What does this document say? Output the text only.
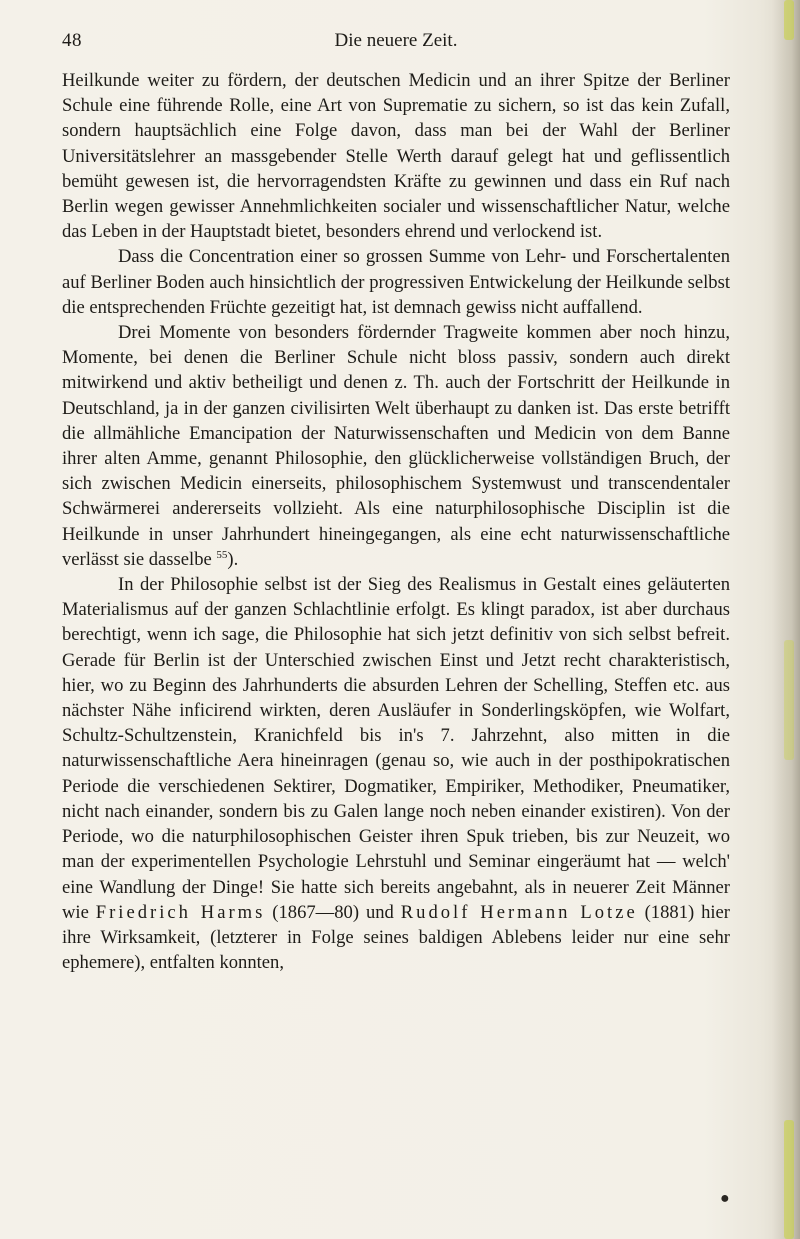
48	Die neuere Zeit.

Heilkunde weiter zu fördern, der deutschen Medicin und an ihrer Spitze der Berliner Schule eine führende Rolle, eine Art von Suprematie zu sichern, so ist das kein Zufall, sondern hauptsächlich eine Folge davon, dass man bei der Wahl der Berliner Universitätslehrer an massgebender Stelle Werth darauf gelegt hat und geflissentlich bemüht gewesen ist, die hervorragendsten Kräfte zu gewinnen und dass ein Ruf nach Berlin wegen gewisser Annehmlichkeiten socialer und wissenschaftlicher Natur, welche das Leben in der Hauptstadt bietet, besonders ehrend und verlockend ist.

Dass die Concentration einer so grossen Summe von Lehr- und Forschertalenten auf Berliner Boden auch hinsichtlich der progressiven Entwickelung der Heilkunde selbst die entsprechenden Früchte gezeitigt hat, ist demnach gewiss nicht auffallend.

Drei Momente von besonders fördernder Tragweite kommen aber noch hinzu, Momente, bei denen die Berliner Schule nicht bloss passiv, sondern auch direkt mitwirkend und aktiv betheiligt und denen z. Th. auch der Fortschritt der Heilkunde in Deutschland, ja in der ganzen civilisirten Welt überhaupt zu danken ist. Das erste betrifft die allmähliche Emancipation der Naturwissenschaften und Medicin von dem Banne ihrer alten Amme, genannt Philosophie, den glücklicherweise vollständigen Bruch, der sich zwischen Medicin einerseits, philosophischem Systemwust und transcendentaler Schwärmerei andererseits vollzieht. Als eine naturphilosophische Disciplin ist die Heilkunde in unser Jahrhundert hineingegangen, als eine echt naturwissenschaftliche verlässt sie dasselbe $^{55}$).

In der Philosophie selbst ist der Sieg des Realismus in Gestalt eines geläuterten Materialismus auf der ganzen Schlachtlinie erfolgt. Es klingt paradox, ist aber durchaus berechtigt, wenn ich sage, die Philosophie hat sich jetzt definitiv von sich selbst befreit. Gerade für Berlin ist der Unterschied zwischen Einst und Jetzt recht charakteristisch, hier, wo zu Beginn des Jahrhunderts die absurden Lehren der Schelling, Steffen etc. aus nächster Nähe inficirend wirkten, deren Ausläufer in Sonderlingsköpfen, wie Wolfart, Schultz-Schultzenstein, Kranichfeld bis in's 7. Jahrzehnt, also mitten in die naturwissenschaftliche Aera hineinragen (genau so, wie auch in der posthipokratischen Periode die verschiedenen Sektirer, Dogmatiker, Empiriker, Methodiker, Pneumatiker, nicht nach einander, sondern bis zu Galen lange noch neben einander existiren). Von der Periode, wo die naturphilosophischen Geister ihren Spuk trieben, bis zur Neuzeit, wo man der experimentellen Psychologie Lehrstuhl und Seminar eingeräumt hat — welch' eine Wandlung der Dinge! Sie hatte sich bereits angebahnt, als in neuerer Zeit Männer wie Friedrich Harms (1867—80) und Rudolf Hermann Lotze (1881) hier ihre Wirksamkeit, (letzterer in Folge seines baldigen Ablebens leider nur eine sehr ephemere), entfalten konnten,

●
